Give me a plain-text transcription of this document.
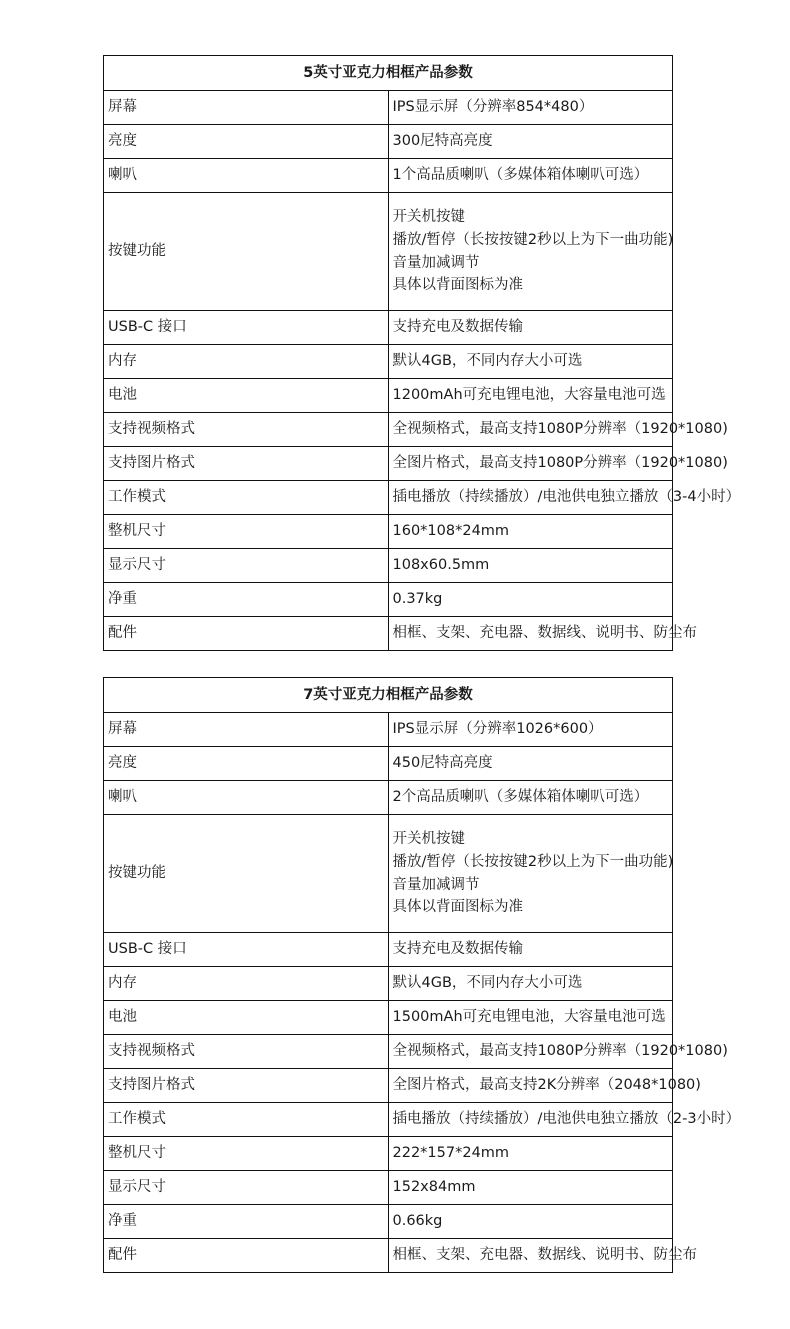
5英寸亚克力相框产品参数	
屏幕	IPS显示屏（分辨率854*480）
亮度	300尼特高亮度
喇叭	1个高品质喇叭（多媒体箱体喇叭可选）
按键功能	开关机按键
播放/暂停（长按按键2秒以上为下一曲功能)
音量加减调节
具体以背面图标为准

USB-C 接口	支持充电及数据传输
内存	默认4GB，不同内存大小可选
电池	1200mAh可充电锂电池，大容量电池可选
支持视频格式	全视频格式，最高支持1080P分辨率（1920*1080)
支持图片格式	全图片格式，最高支持1080P分辨率（1920*1080)
工作模式	插电播放（持续播放）/电池供电独立播放（3-4小时）
整机尺寸	160*108*24mm
显示尺寸	108x60.5mm
净重	0.37kg
配件	相框、支架、充电器、数据线、说明书、防尘布
7英寸亚克力相框产品参数	
屏幕	IPS显示屏（分辨率1026*600）
亮度	450尼特高亮度
喇叭	2个高品质喇叭（多媒体箱体喇叭可选）
按键功能	开关机按键
播放/暂停（长按按键2秒以上为下一曲功能)
音量加减调节
具体以背面图标为准

USB-C 接口	支持充电及数据传输
内存	默认4GB，不同内存大小可选
电池	1500mAh可充电锂电池，大容量电池可选
支持视频格式	全视频格式，最高支持1080P分辨率（1920*1080)
支持图片格式	全图片格式，最高支持2K分辨率（2048*1080)
工作模式	插电播放（持续播放）/电池供电独立播放（2-3小时）
整机尺寸	222*157*24mm
显示尺寸	152x84mm
净重	0.66kg
配件	相框、支架、充电器、数据线、说明书、防尘布
